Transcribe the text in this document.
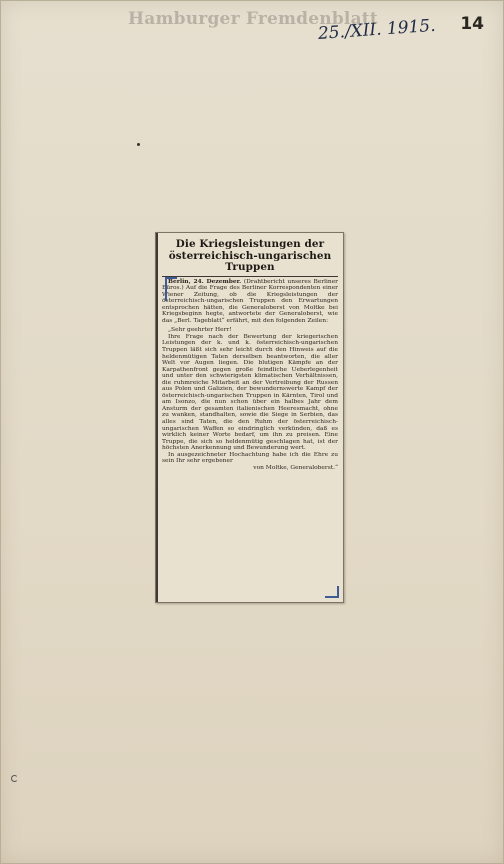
Hamburger Fremdenblatt
25./XII. 1915. 14
Die Kriegsleistungen der
österreichisch-ungarischen Truppen

Berlin, 24. Dezember. (Drahtbericht unseres Berliner Büros.) Auf die Frage des Berliner Korrespondenten einer Wiener Zeitung, ob die Kriegsleistungen der österreichisch-ungarischen Truppen den Erwartungen entsprochen hätten, die Generaloberst von Moltke bei Kriegsbeginn hegte, antwortete der Generaloberst, wie das „Berl. Tageblatt“ erfährt, mit den folgenden Zeilen:

„Sehr geehrter Herr!

Ihre Frage nach der Bewertung der kriegerischen Leistungen der k. und k. österreichisch-ungarischen Truppen läßt sich sehr leicht durch den Hinweis auf die heldenmütigen Taten derselben beantworten, die aller Welt vor Augen liegen. Die blutigen Kämpfe an der Karpathenfront gegen große feindliche Ueberlegenheit und unter den schwierigsten klimatischen Verhältnissen, die ruhmreiche Mitarbeit an der Vertreibung der Russen aus Polen und Galizien, der bewundernswerte Kampf der österreichisch-ungarischen Truppen in Kärnten, Tirol und am Isonzo, die nun schon über ein halbes Jahr dem Ansturm der gesamten italienischen Heeresmacht, ohne zu wanken, standhalten, sowie die Siege in Serbien, das alles sind Taten, die den Ruhm der österreichisch-ungarischen Waffen so eindringlich verkünden, daß es wirklich keiner Worte bedarf, um ihn zu preisen. Eine Truppe, die sich so heldenmütig geschlagen hat, ist der höchsten Anerkennung und Bewunderung wert.

In ausgezeichneter Hochachtung habe ich die Ehre zu sein Ihr sehr ergebener

von Moltke, Generaloberst.“
